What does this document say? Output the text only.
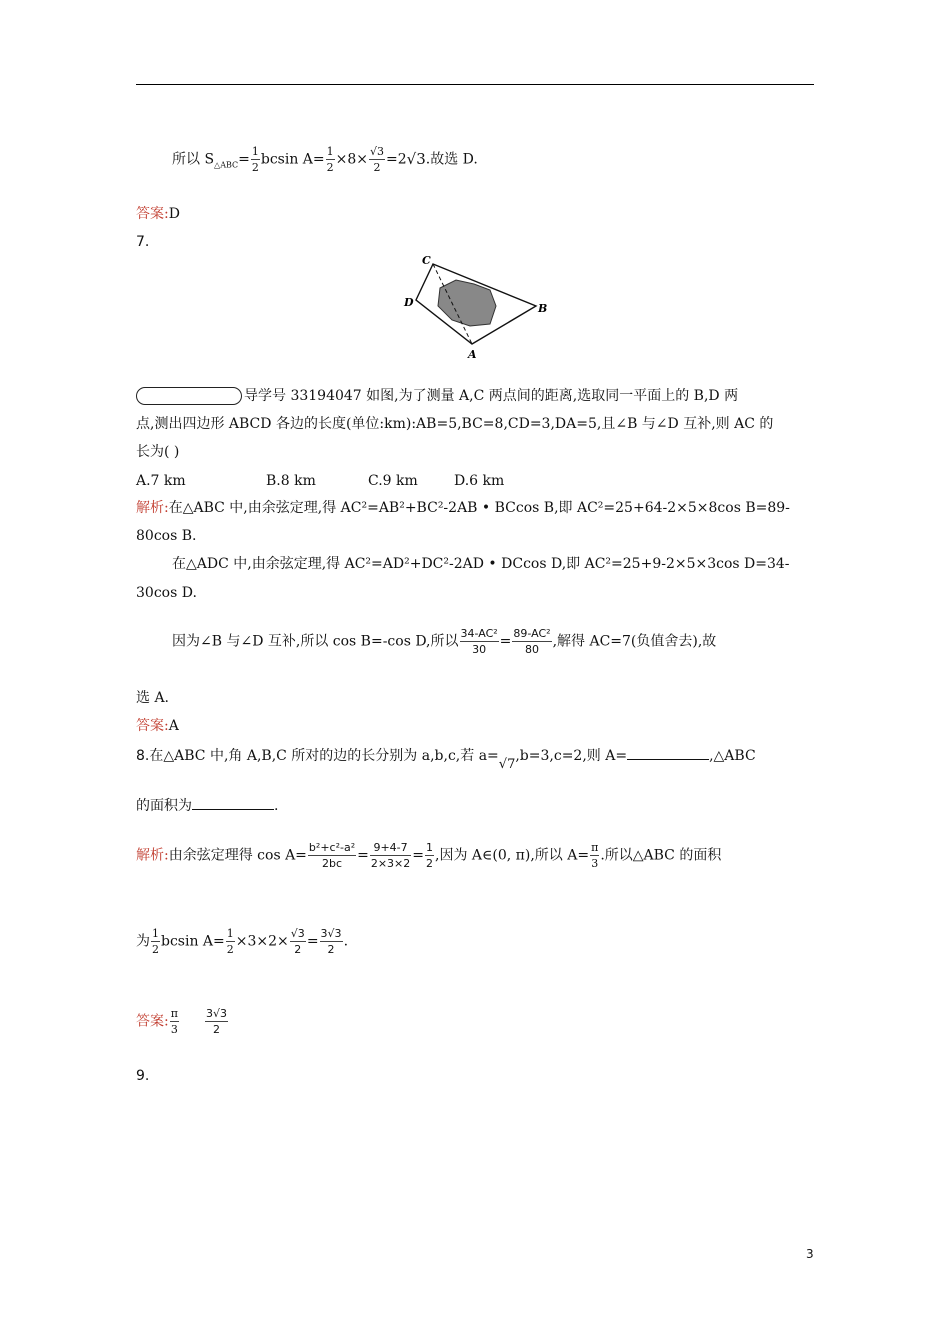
所以 $S_{\triangle ABC}= \frac{1}{2}$ bcsin $A= \frac{1}{2} \times 8\times \frac{√3}{2} =2√3$.故选 D.
答案:D
7.
C
D	B
A
导学号 33194047 如图,为了测量 A,C 两点间的距离,选取同一平面上的 B,D 两
点,测出四边形 ABCD 各边的长度(单位:km):AB=5,BC=8,CD=3,DA=5,且∠B 与∠D 互补,则 AC 的
长为( )
A.7 km	B.8 km	C.9 km	D.6 km
解析:在△ABC 中,由余弦定理,得 AC²=AB²+BC²-2AB • BCcos B,即 AC²=25+64-2×5×8cos B=89-
80cos B.
在△ADC 中,由余弦定理,得 AC²=AD²+DC²-2AD • DCcos D,即 AC²=25+9-2×5×3cos D=34-
30cos D.
因为∠B 与∠D 互补,所以 cos B=-cos D,所以 $\frac{\text{34-AC²}}{30} = \frac{\text{89-AC²}}{80}$ ,解得 AC=7(负值舍去),故
选 A.
答案:A
8.在△ABC 中,角 A,B,C 所对的边的长分别为 a,b,c,若 a=√7,b=3,c=2,则 A=	,△ABC
的面积为	.
解析:由余弦定理得 $\cos A= \frac{\text{b²+c²-a²}}{2bc} = \frac{9+4-7}{2\times 3\times 2} = \frac{1}{2}$ ,因为 A∈(0, π),所以 $A= \frac{\pi}{3}$ .所以△ABC 的面积
为 $\frac{1}{2}$ bcsin $A= \frac{1}{2} \times 3\times 2\times \frac{√3}{2} = \frac{3√3}{2}$ .
答案: $\frac{\pi}{3} \frac{3√3}{2}$
9.
3
